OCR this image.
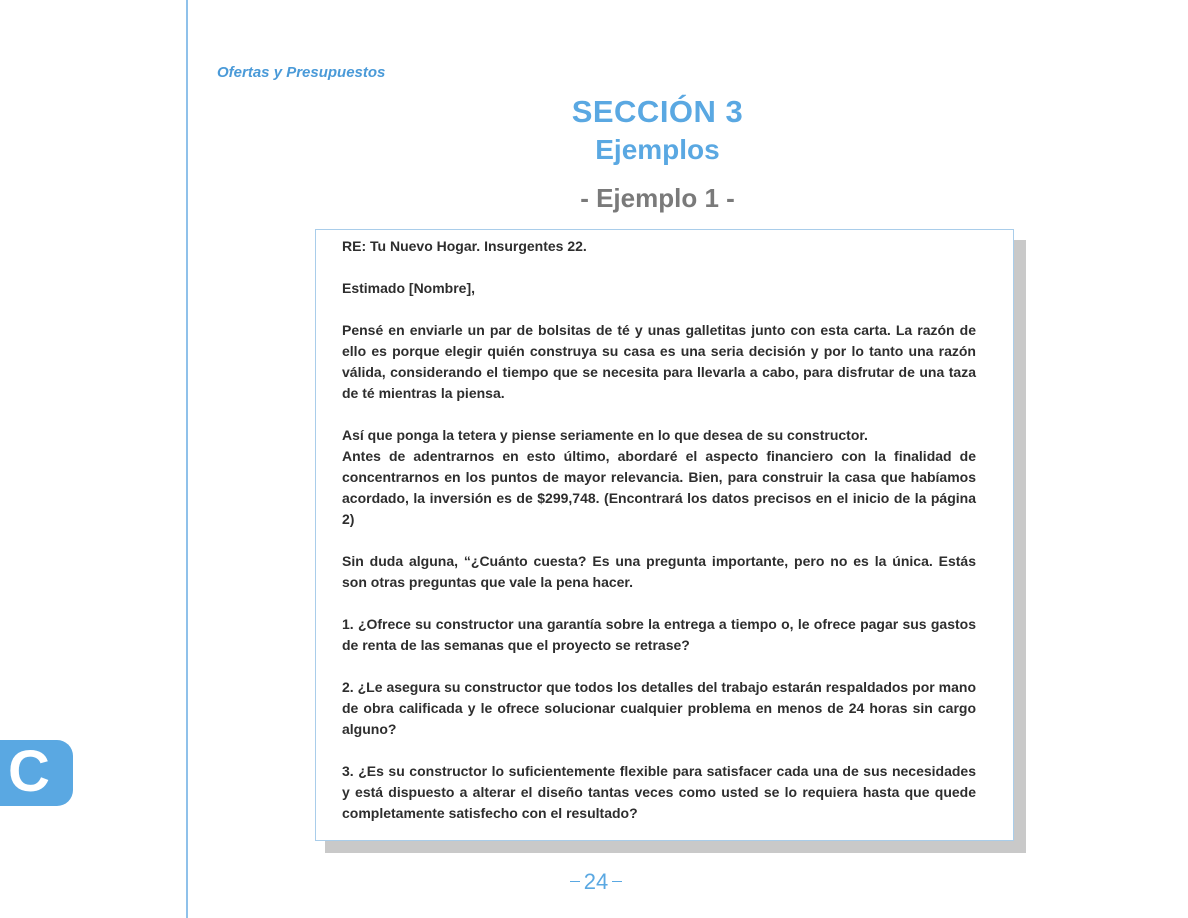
Ofertas y Presupuestos

SECCIÓN 3
Ejemplos
- Ejemplo 1 -

RE: Tu Nuevo Hogar. Insurgentes 22.

Estimado [Nombre],

Pensé en enviarle un par de bolsitas de té y unas galletitas junto con esta carta. La razón de ello es porque elegir quién construya su casa es una seria decisión y por lo tanto una razón válida, considerando el tiempo que se necesita para llevarla a cabo, para disfrutar de una taza de té mientras la piensa.

Así que ponga la tetera y piense seriamente en lo que desea de su constructor.

Antes de adentrarnos en esto último, abordaré el aspecto financiero con la finalidad de concentrarnos en los puntos de mayor relevancia. Bien, para construir la casa que habíamos acordado, la inversión es de $299,748. (Encontrará los datos precisos en el inicio de la página 2)

Sin duda alguna, “¿Cuánto cuesta? Es una pregunta importante, pero no es la única. Estás son otras preguntas que vale la pena hacer.

1. ¿Ofrece su constructor una garantía sobre la entrega a tiempo o, le ofrece pagar sus gastos de renta de las semanas que el proyecto se retrase?

2. ¿Le asegura su constructor que todos los detalles del trabajo estarán respaldados por mano de obra calificada y le ofrece solucionar cualquier problema en menos de 24 horas sin cargo alguno?

3. ¿Es su constructor lo suficientemente flexible para satisfacer cada una de sus necesidades y está dispuesto a alterar el diseño tantas veces como usted se lo requiera hasta que quede completamente satisfecho con el resultado?

C
24
